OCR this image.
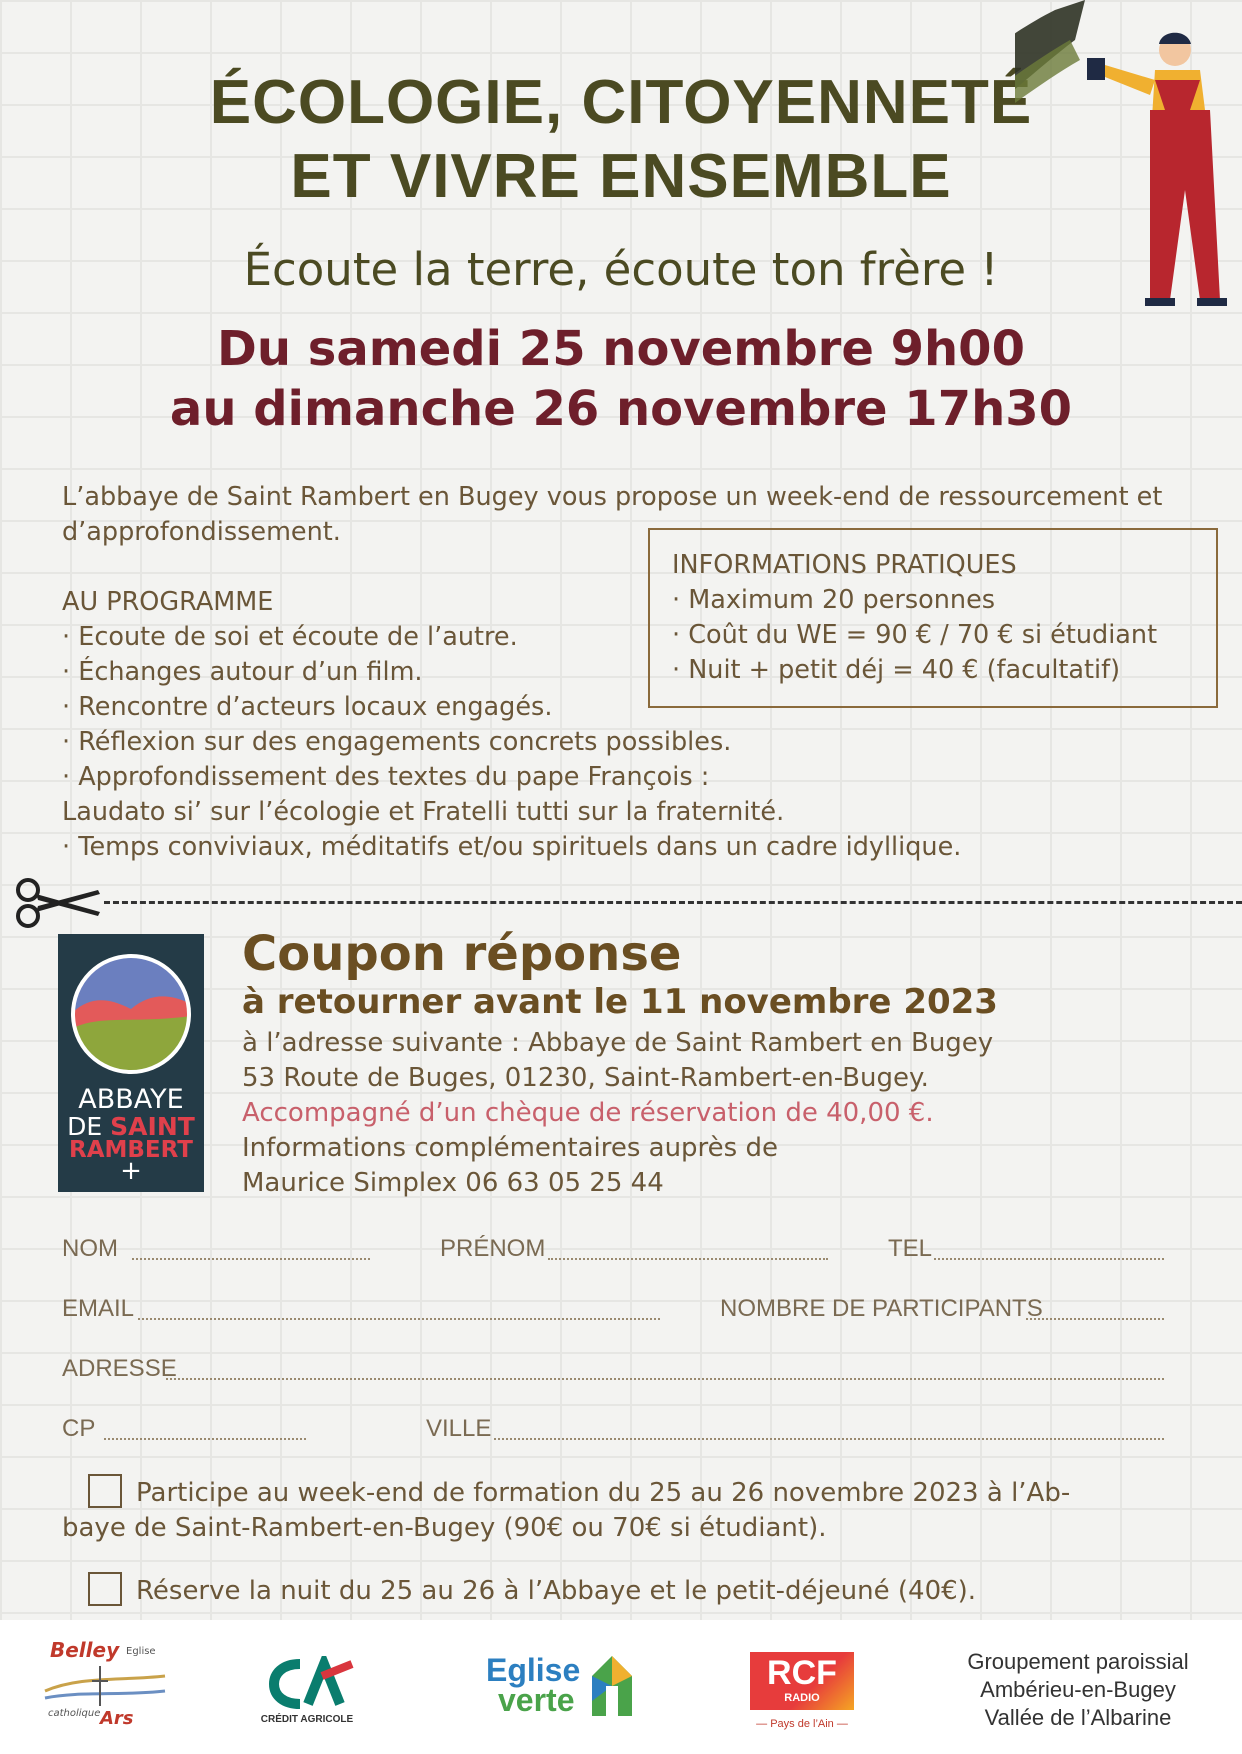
ÉCOLOGIE, CITOYENNETÉ
ET VIVRE ENSEMBLE
Écoute la terre, écoute ton frère !
Du samedi 25 novembre 9h00
au dimanche 26 novembre 17h30
L’abbaye de Saint Rambert en Bugey vous propose un week-end de ressourcement et
d’approfondissement.
AU PROGRAMME
· Ecoute de soi et écoute de l’autre.
· Échanges autour d’un film.
· Rencontre d’acteurs locaux engagés.
· Réflexion sur des engagements concrets possibles.
· Approfondissement des textes du pape François :
Laudato si’ sur l’écologie et Fratelli tutti sur la fraternité.
· Temps conviviaux, méditatifs et/ou spirituels dans un cadre idyllique.
INFORMATIONS PRATIQUES
· Maximum 20 personnes
· Coût du WE = 90 € / 70 € si étudiant
· Nuit + petit déj = 40 € (facultatif)
ABBAYE
DE SAINT
RAMBERT
+
Coupon réponse
à retourner avant le 11 novembre 2023
à l’adresse suivante : Abbaye de Saint Rambert en Bugey
53 Route de Buges, 01230, Saint-Rambert-en-Bugey.
Accompagné d’un chèque de réservation de 40,00 €.
Informations complémentaires auprès de
Maurice Simplex 06 63 05 25 44
NOM	PRÉNOM	TEL
EMAIL	NOMBRE DE PARTICIPANTS
ADRESSE
CP	VILLE
Participe au week-end de formation du 25 au 26 novembre 2023 à l’Ab-
baye de Saint-Rambert-en-Bugey (90€ ou 70€ si étudiant).
Réserve la nuit du 25 au 26 à l’Abbaye et le petit-déjeuné (40€).
Belley Eglise
catholique Ars	CRÉDIT AGRICOLE
Eglise
verte
RCF
RADIO
— Pays de l’Ain —
Groupement paroissial
Ambérieu-en-Bugey
Vallée de l’Albarine
